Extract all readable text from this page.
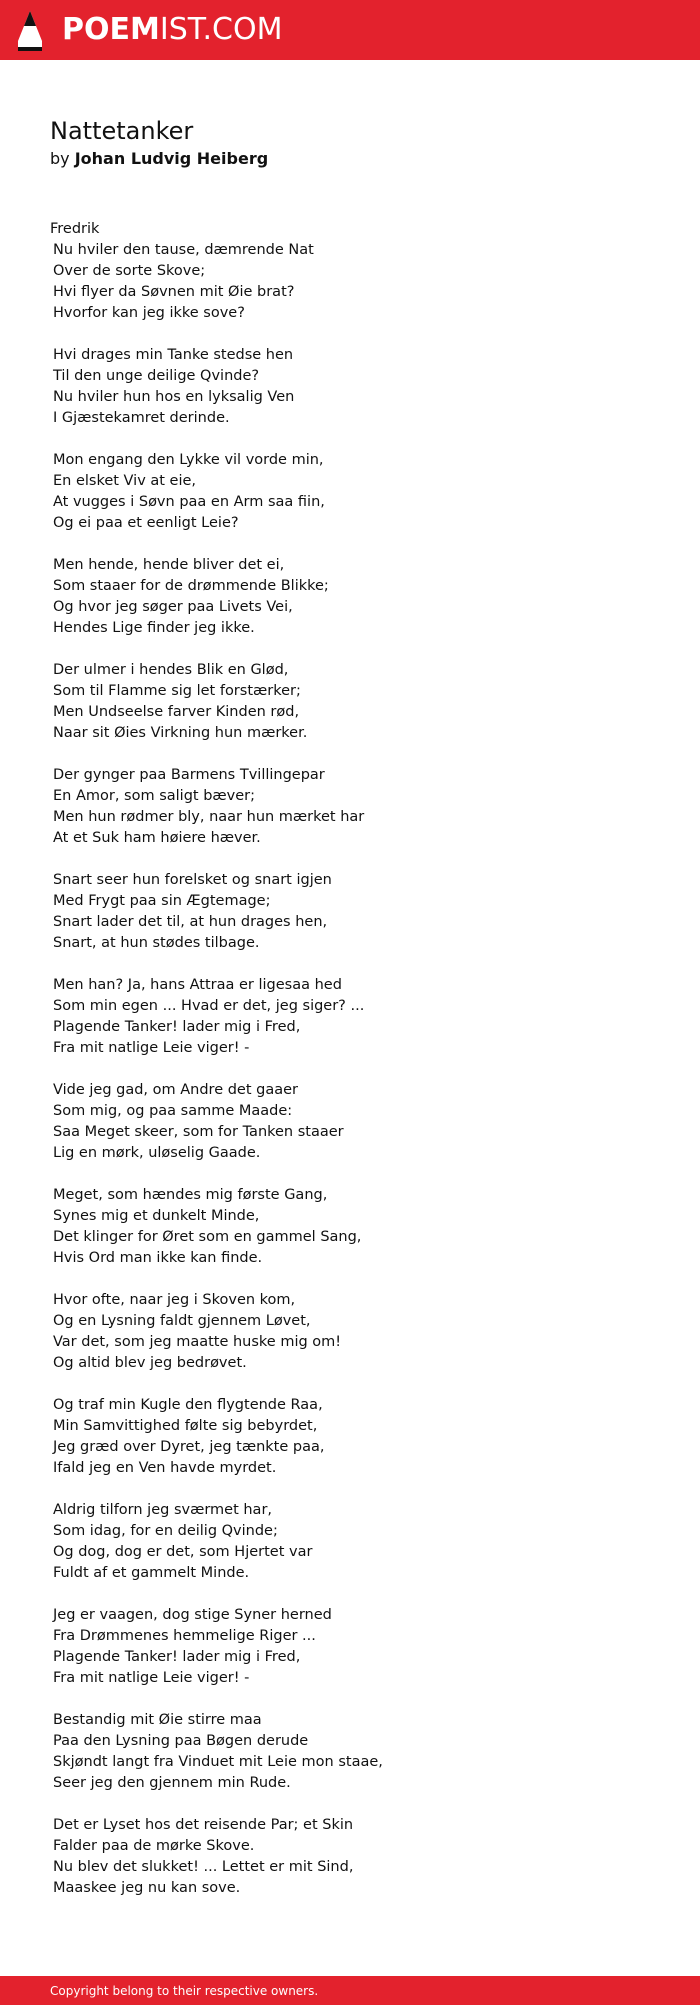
POEMIST.COM
Nattetanker
by Johan Ludvig Heiberg
Fredrik
Nu hviler den tause, dæmrende Nat
Over de sorte Skove;
Hvi flyer da Søvnen mit Øie brat?
Hvorfor kan jeg ikke sove?
Hvi drages min Tanke stedse hen
Til den unge deilige Qvinde?
Nu hviler hun hos en lyksalig Ven
I Gjæstekamret derinde.
Mon engang den Lykke vil vorde min,
En elsket Viv at eie,
At vugges i Søvn paa en Arm saa fiin,
Og ei paa et eenligt Leie?
Men hende, hende bliver det ei,
Som staaer for de drømmende Blikke;
Og hvor jeg søger paa Livets Vei,
Hendes Lige finder jeg ikke.
Der ulmer i hendes Blik en Glød,
Som til Flamme sig let forstærker;
Men Undseelse farver Kinden rød,
Naar sit Øies Virkning hun mærker.
Der gynger paa Barmens Tvillingepar
En Amor, som saligt bæver;
Men hun rødmer bly, naar hun mærket har
At et Suk ham høiere hæver.
Snart seer hun forelsket og snart igjen
Med Frygt paa sin Ægtemage;
Snart lader det til, at hun drages hen,
Snart, at hun stødes tilbage.
Men han? Ja, hans Attraa er ligesaa hed
Som min egen ... Hvad er det, jeg siger? ...
Plagende Tanker! lader mig i Fred,
Fra mit natlige Leie viger! -
Vide jeg gad, om Andre det gaaer
Som mig, og paa samme Maade:
Saa Meget skeer, som for Tanken staaer
Lig en mørk, uløselig Gaade.
Meget, som hændes mig første Gang,
Synes mig et dunkelt Minde,
Det klinger for Øret som en gammel Sang,
Hvis Ord man ikke kan finde.
Hvor ofte, naar jeg i Skoven kom,
Og en Lysning faldt gjennem Løvet,
Var det, som jeg maatte huske mig om!
Og altid blev jeg bedrøvet.
Og traf min Kugle den flygtende Raa,
Min Samvittighed følte sig bebyrdet,
Jeg græd over Dyret, jeg tænkte paa,
Ifald jeg en Ven havde myrdet.
Aldrig tilforn jeg sværmet har,
Som idag, for en deilig Qvinde;
Og dog, dog er det, som Hjertet var
Fuldt af et gammelt Minde.
Jeg er vaagen, dog stige Syner herned
Fra Drømmenes hemmelige Riger ...
Plagende Tanker! lader mig i Fred,
Fra mit natlige Leie viger! -
Bestandig mit Øie stirre maa
Paa den Lysning paa Bøgen derude
Skjøndt langt fra Vinduet mit Leie mon staae,
Seer jeg den gjennem min Rude.
Det er Lyset hos det reisende Par; et Skin
Falder paa de mørke Skove.
Nu blev det slukket! ... Lettet er mit Sind,
Maaskee jeg nu kan sove.
Copyright belong to their respective owners.
